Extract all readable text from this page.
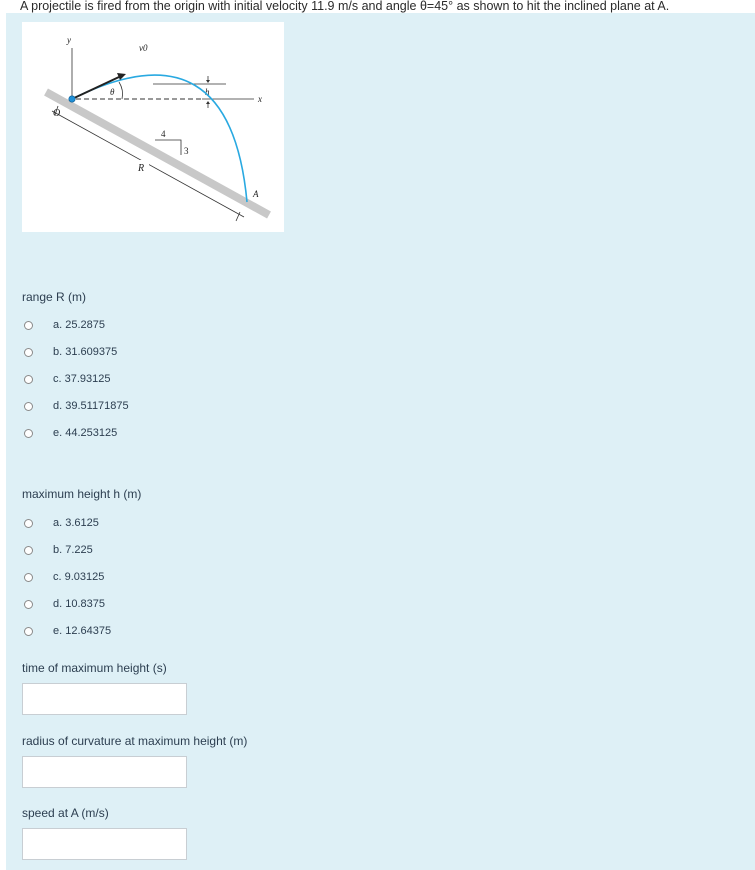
A projectile is fired from the origin with initial velocity 11.9 m/s and angle θ=45° as shown to hit the inclined plane at A.
R
y
x
h
v0
θ
O
4
3
A
range R (m)
a. 25.2875
b. 31.609375
c. 37.93125
d. 39.51171875
e. 44.253125
maximum height h (m)
a. 3.6125
b. 7.225
c. 9.03125
d. 10.8375
e. 12.64375
time of maximum height (s)
radius of curvature at maximum height (m)
speed at A (m/s)
